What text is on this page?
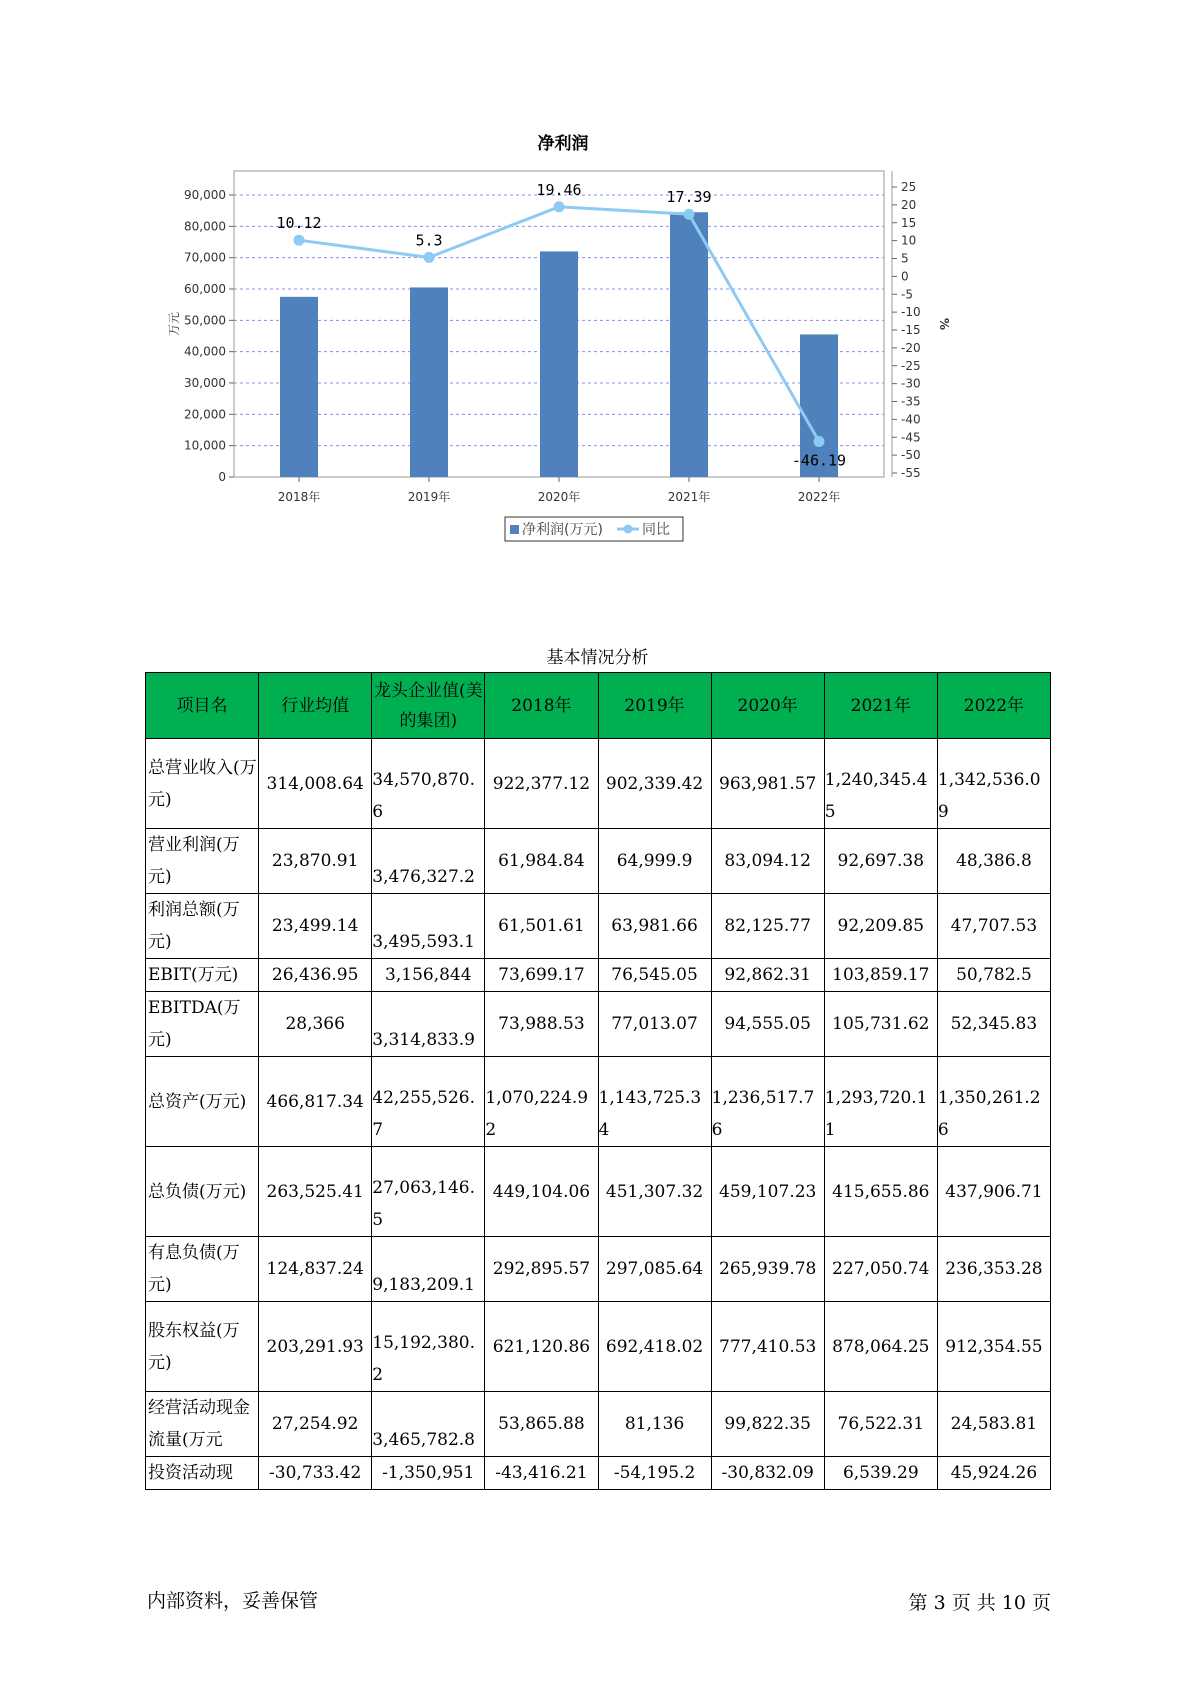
净利润
0
10,000
20,000
30,000
40,000
50,000
60,000
70,000
80,000
90,000
25
20
15
10
5
0
-5
-10
-15
-20
-25
-30
-35
-40
-45
-50
-55
万元	%
2018年	2019年	2020年	2021年	2022年
10.12
5.3
19.46	17.39
-46.19
净利润(万元)	同比
基本情况分析
项目名	行业均值	龙头企业值(美的集团)	2018年	2019年	2020年	2021年	2022年
总营业收入(万元)	314,008.64	34,570,870.6	922,377.12	902,339.42	963,981.57	1,240,345.45	1,342,536.09
营业利润(万元)	23,870.91	3,476,327.2	61,984.84	64,999.9	83,094.12	92,697.38	48,386.8
利润总额(万元)	23,499.14	3,495,593.1	61,501.61	63,981.66	82,125.77	92,209.85	47,707.53
EBIT(万元)	26,436.95	3,156,844	73,699.17	76,545.05	92,862.31	103,859.17	50,782.5
EBITDA(万元)	28,366	3,314,833.9	73,988.53	77,013.07	94,555.05	105,731.62	52,345.83
总资产(万元)	466,817.34	42,255,526.7	1,070,224.92	1,143,725.34	1,236,517.76	1,293,720.11	1,350,261.26
总负债(万元)	263,525.41	27,063,146.5	449,104.06	451,307.32	459,107.23	415,655.86	437,906.71
有息负债(万元)	124,837.24	9,183,209.1	292,895.57	297,085.64	265,939.78	227,050.74	236,353.28
股东权益(万元)	203,291.93	15,192,380.2	621,120.86	692,418.02	777,410.53	878,064.25	912,354.55
经营活动现金流量(万元	27,254.92	3,465,782.8	53,865.88	81,136	99,822.35	76,522.31	24,583.81
投资活动现	-30,733.42	-1,350,951	-43,416.21	-54,195.2	-30,832.09	6,539.29	45,924.26
内部资料，妥善保管	第 3 页 共 10 页
